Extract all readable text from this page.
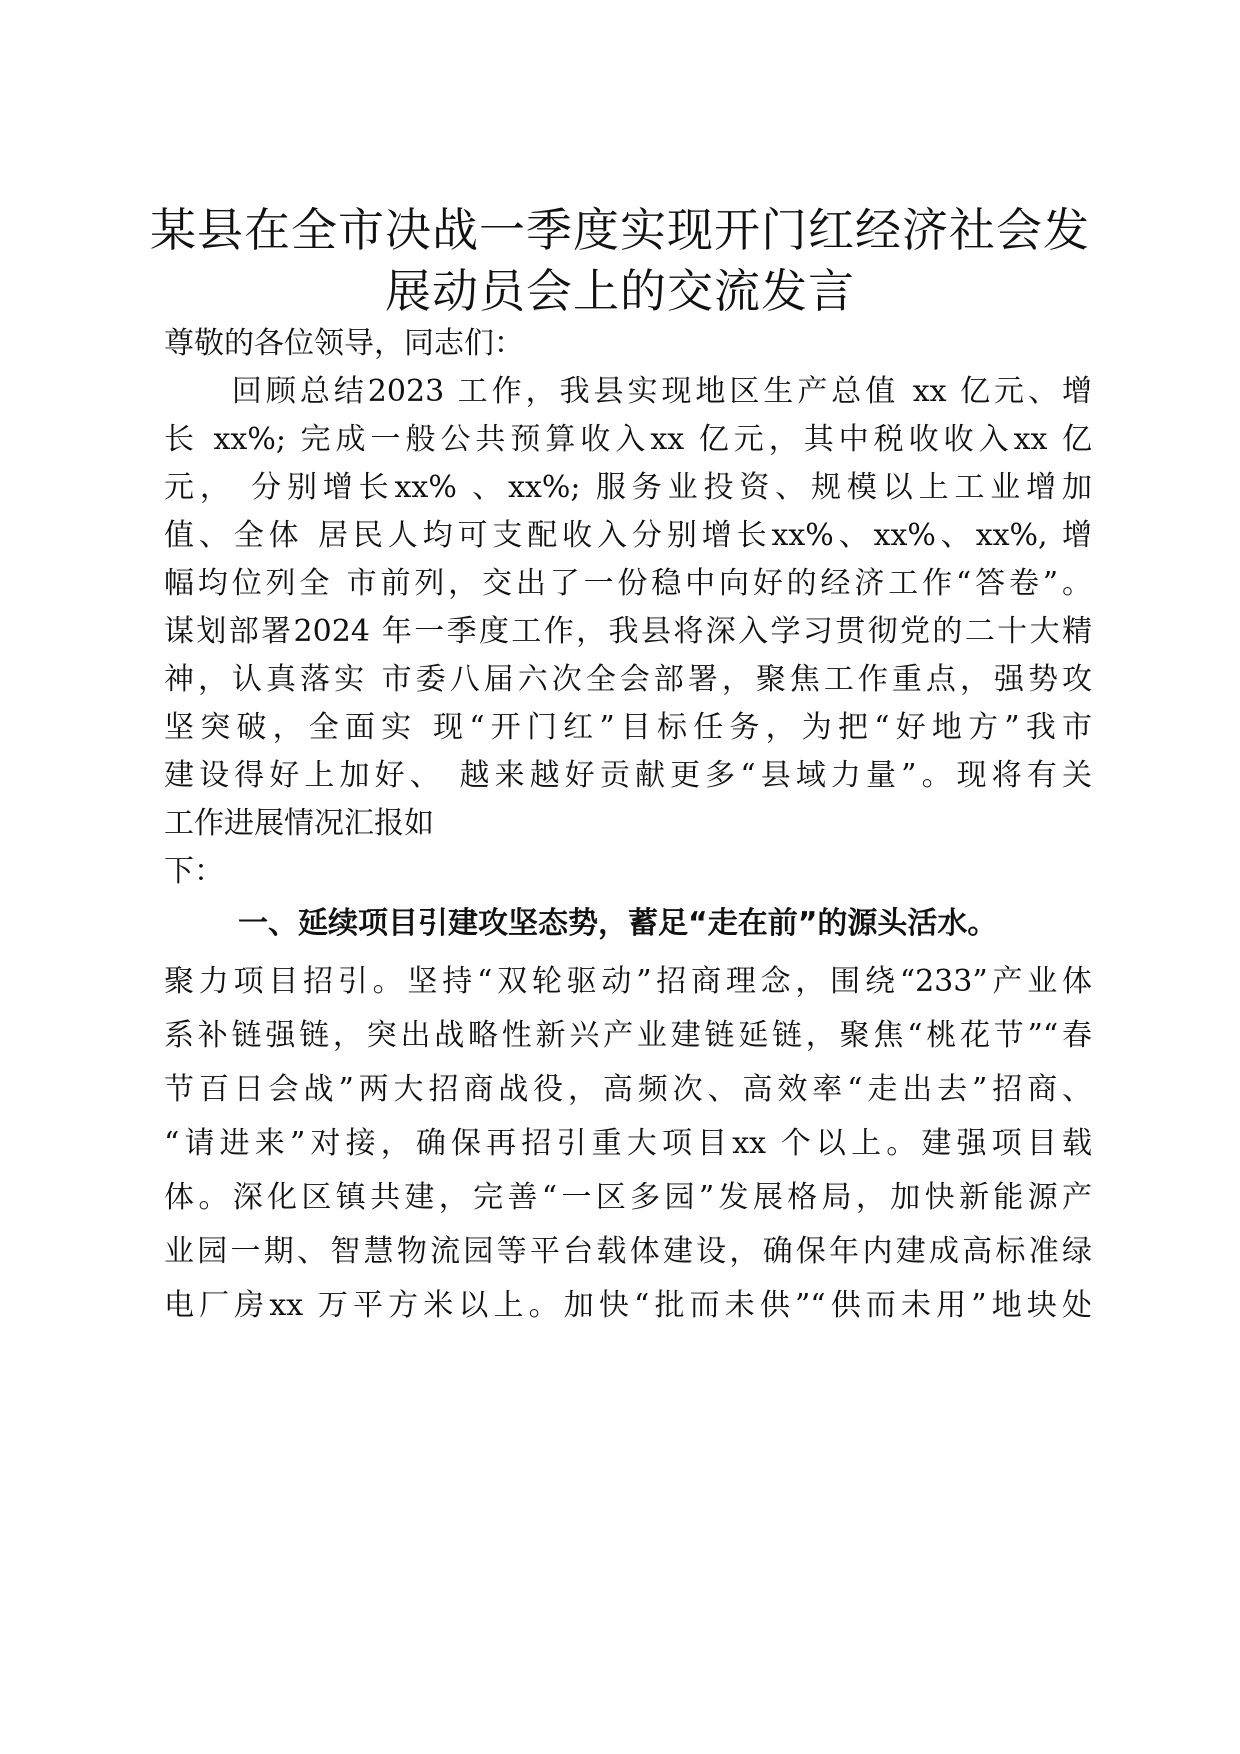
某县在全市决战一季度实现开门红经济社会发
展动员会上的交流发言

尊敬的各位领导，同志们：

　　回顾总结2023 工作，我县实现地区生产总值 xx 亿元、增

长 xx%; 完成一般公共预算收入xx 亿元，其中税收收入xx 亿

元， 分别增长xx% 、xx%; 服务业投资、规模以上工业增加

值、全体 居民人均可支配收入分别增长xx%、xx%、xx%, 增

幅均位列全 市前列，交出了一份稳中向好的经济工作“答卷”。

谋划部署2024 年一季度工作，我县将深入学习贯彻党的二十大精

神，认真落实 市委八届六次全会部署，聚焦工作重点，强势攻

坚突破，全面实 现“开门红”目标任务，为把“好地方”我市

建设得好上加好、 越来越好贡献更多“县域力量”。现将有关

工作进展情况汇报如

下：

一、延续项目引建攻坚态势，蓄足“走在前”的源头活水。

聚力项目招引。坚持“双轮驱动”招商理念，围绕“233”产业体

系补链强链，突出战略性新兴产业建链延链，聚焦“桃花节”“春

节百日会战”两大招商战役，高频次、高效率“走出去”招商、

“请进来”对接，确保再招引重大项目xx 个以上。建强项目载

体。深化区镇共建，完善“一区多园”发展格局，加快新能源产

业园一期、智慧物流园等平台载体建设，确保年内建成高标准绿

电厂房xx 万平方米以上。加快“批而未供”“供而未用”地块处
